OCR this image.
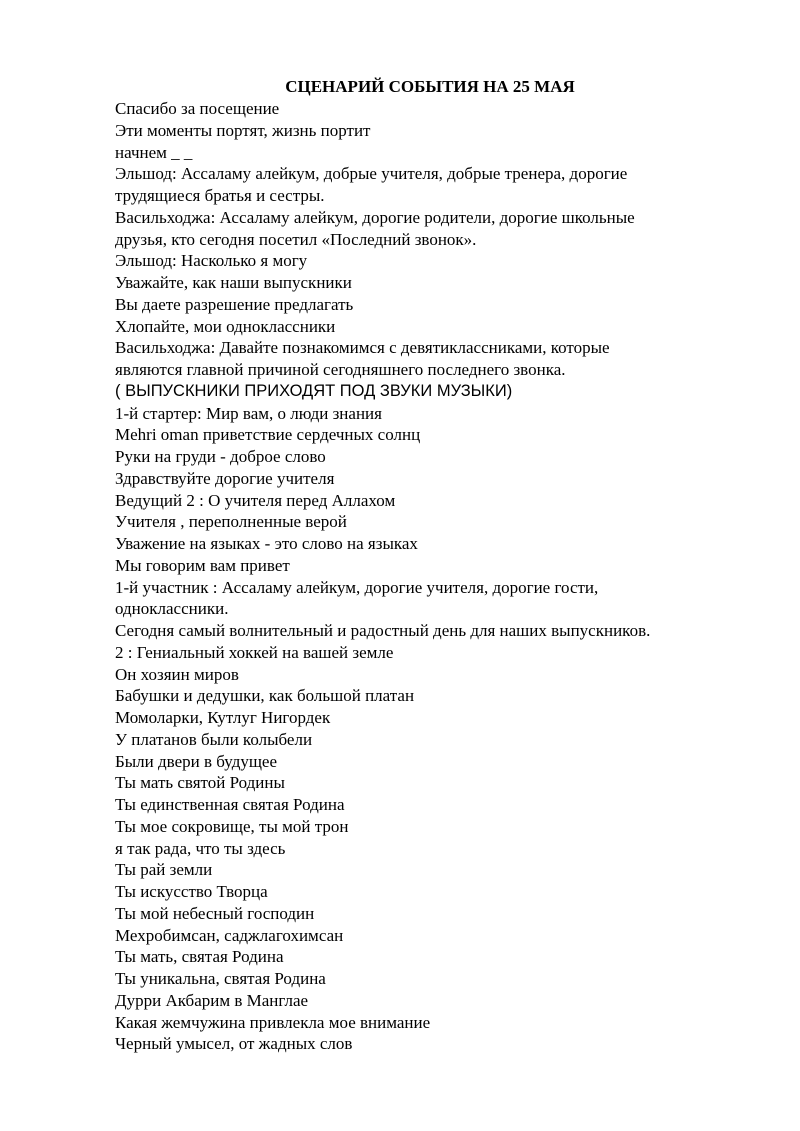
СЦЕНАРИЙ СОБЫТИЯ НА 25 МАЯ
Спасибо за посещение
Эти моменты портят, жизнь портит
начнем _ _
Эльшод: Ассаламу алейкум, добрые учителя, добрые тренера, дорогие
трудящиеся братья и сестры.
Васильходжа: Ассаламу алейкум, дорогие родители, дорогие школьные
друзья, кто сегодня посетил «Последний звонок».
Эльшод: Насколько я могу
Уважайте, как наши выпускники
Вы даете разрешение предлагать
Хлопайте, мои одноклассники
Васильходжа: Давайте познакомимся с девятиклассниками, которые
являются главной причиной сегодняшнего последнего звонка.
( ВЫПУСКНИКИ ПРИХОДЯТ ПОД ЗВУКИ МУЗЫКИ)
1-й стартер: Мир вам, о люди знания
Mehri oman приветствие сердечных солнц
Руки на груди - доброе слово
Здравствуйте дорогие учителя
Ведущий 2 : О учителя перед Аллахом
Учителя , переполненные верой
Уважение на языках - это слово на языках
Мы говорим вам привет
1-й участник : Ассаламу алейкум, дорогие учителя, дорогие гости,
одноклассники.
Сегодня самый волнительный и радостный день для наших выпускников.
2 : Гениальный хоккей на вашей земле
Он хозяин миров
Бабушки и дедушки, как большой платан
Момоларки, Кутлуг Нигордек
У платанов были колыбели
Были двери в будущее
Ты мать святой Родины
Ты единственная святая Родина
Ты мое сокровище, ты мой трон
я так рада, что ты здесь
Ты рай земли
Ты искусство Творца
Ты мой небесный господин
Мехробимсан, саджлагохимсан
Ты мать, святая Родина
Ты уникальна, святая Родина
Дурри Акбарим в Манглае
Какая жемчужина привлекла мое внимание
Черный умысел, от жадных слов
